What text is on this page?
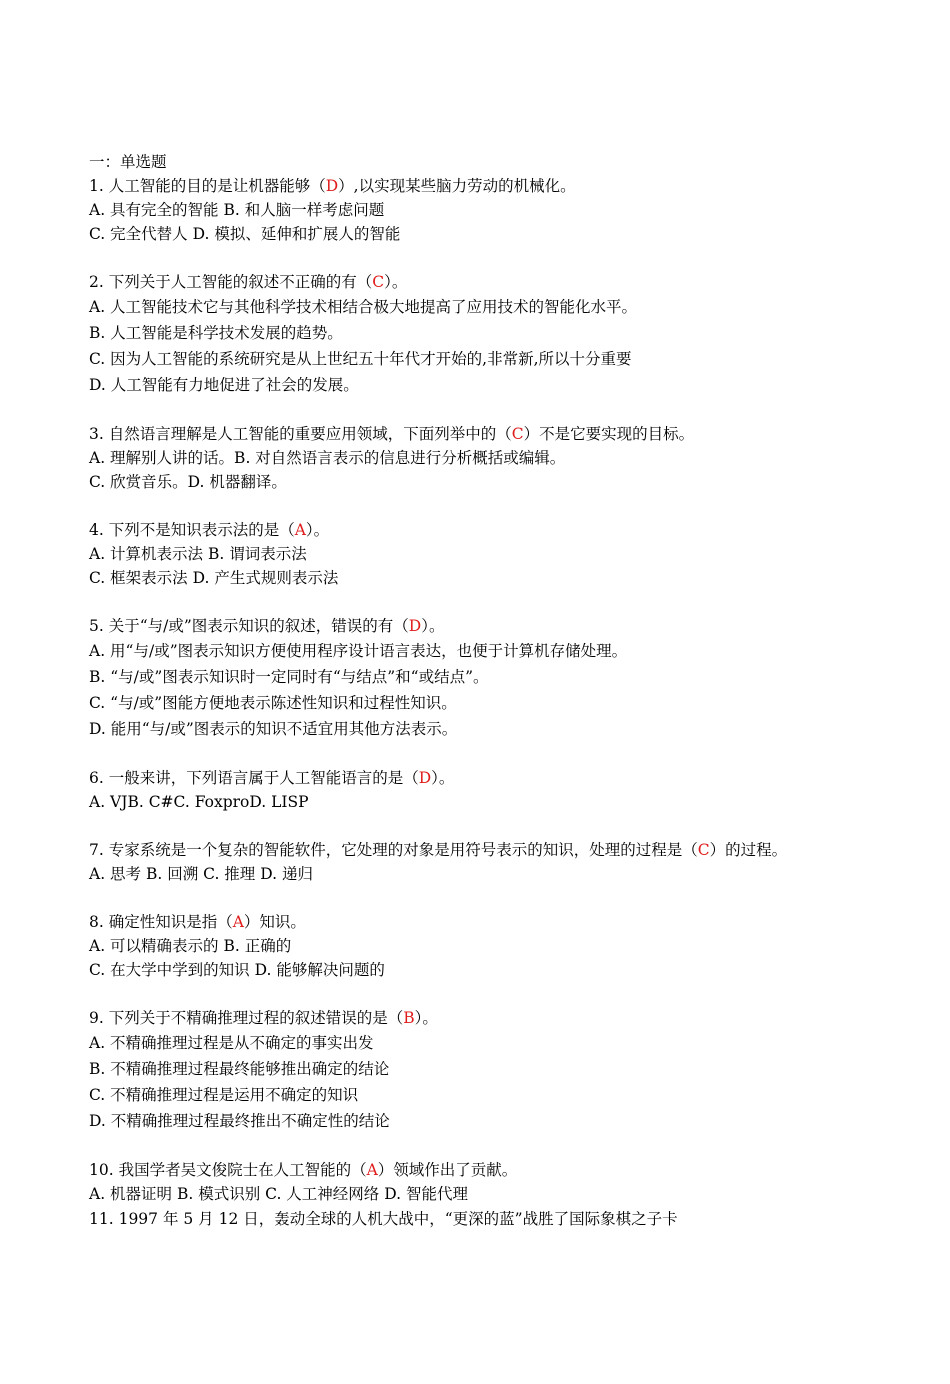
一：单选题
1. 人工智能的目的是让机器能够（D）,以实现某些脑力劳动的机械化。
A. 具有完全的智能 B. 和人脑一样考虑问题
C. 完全代替人 D. 模拟、延伸和扩展人的智能
2. 下列关于人工智能的叙述不正确的有（C）。
A. 人工智能技术它与其他科学技术相结合极大地提高了应用技术的智能化水平。
B. 人工智能是科学技术发展的趋势。
C. 因为人工智能的系统研究是从上世纪五十年代才开始的,非常新,所以十分重要
D. 人工智能有力地促进了社会的发展。
3. 自然语言理解是人工智能的重要应用领域，下面列举中的（C）不是它要实现的目标。
A. 理解别人讲的话。B. 对自然语言表示的信息进行分析概括或编辑。
C. 欣赏音乐。D. 机器翻译。
4. 下列不是知识表示法的是（A）。
A. 计算机表示法 B. 谓词表示法
C. 框架表示法 D. 产生式规则表示法
5. 关于“与/或”图表示知识的叙述，错误的有（D）。
A. 用“与/或”图表示知识方便使用程序设计语言表达，也便于计算机存储处理。
B. “与/或”图表示知识时一定同时有“与结点”和“或结点”。
C. “与/或”图能方便地表示陈述性知识和过程性知识。
D. 能用“与/或”图表示的知识不适宜用其他方法表示。
6. 一般来讲，下列语言属于人工智能语言的是（D）。
A. VJB. C#C. FoxproD. LISP
7. 专家系统是一个复杂的智能软件，它处理的对象是用符号表示的知识，处理的过程是（C）的过程。
A. 思考 B. 回溯 C. 推理 D. 递归
8. 确定性知识是指（A）知识。
A. 可以精确表示的 B. 正确的
C. 在大学中学到的知识 D. 能够解决问题的
9. 下列关于不精确推理过程的叙述错误的是（B）。
A. 不精确推理过程是从不确定的事实出发
B. 不精确推理过程最终能够推出确定的结论
C. 不精确推理过程是运用不确定的知识
D. 不精确推理过程最终推出不确定性的结论
10. 我国学者吴文俊院士在人工智能的（A）领域作出了贡献。
A. 机器证明 B. 模式识别 C. 人工神经网络 D. 智能代理
11. 1997 年 5 月 12 日，轰动全球的人机大战中，“更深的蓝”战胜了国际象棋之子卡
